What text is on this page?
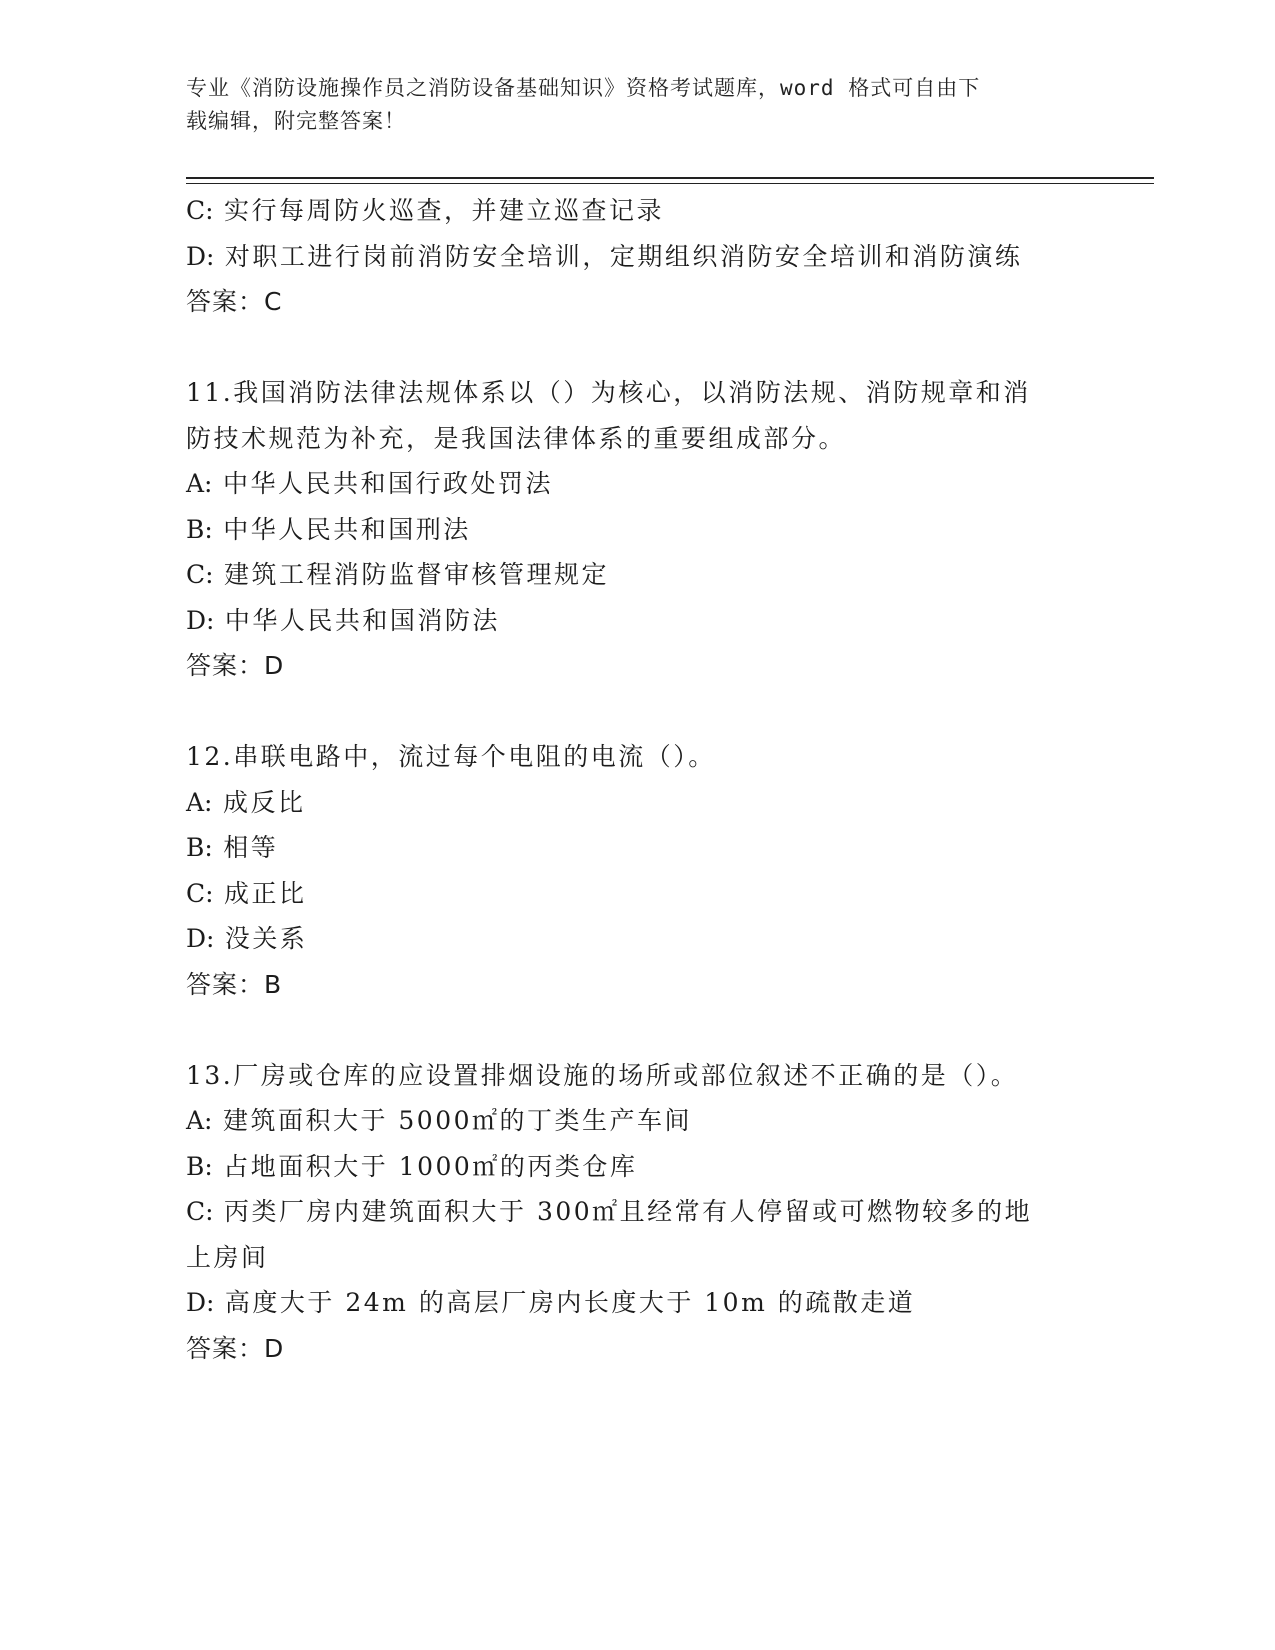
专业《消防设施操作员之消防设备基础知识》资格考试题库，word 格式可自由下
载编辑，附完整答案！
C: 实行每周防火巡查，并建立巡查记录
D: 对职工进行岗前消防安全培训，定期组织消防安全培训和消防演练
答案：C
11.我国消防法律法规体系以（）为核心，以消防法规、消防规章和消
防技术规范为补充，是我国法律体系的重要组成部分。
A: 中华人民共和国行政处罚法
B: 中华人民共和国刑法
C: 建筑工程消防监督审核管理规定
D: 中华人民共和国消防法
答案：D
12.串联电路中，流过每个电阻的电流（）。
A: 成反比
B: 相等
C: 成正比
D: 没关系
答案：B
13.厂房或仓库的应设置排烟设施的场所或部位叙述不正确的是（）。
A: 建筑面积大于 5000㎡的丁类生产车间
B: 占地面积大于 1000㎡的丙类仓库
C: 丙类厂房内建筑面积大于 300㎡且经常有人停留或可燃物较多的地
上房间
D: 高度大于 24m 的高层厂房内长度大于 10m 的疏散走道
答案：D
